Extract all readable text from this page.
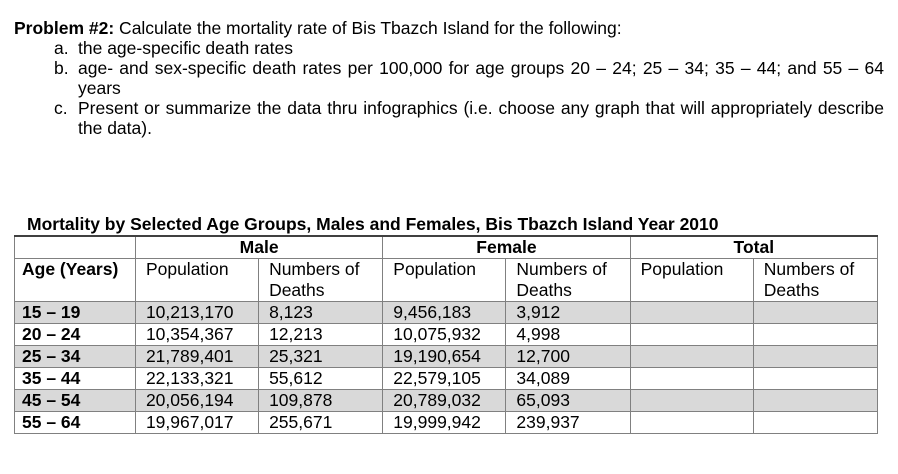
Problem #2: Calculate the mortality rate of Bis Tbazch Island for the following:
a. the age-specific death rates
b. age- and sex-specific death rates per 100,000 for age groups 20 – 24; 25 – 34; 35 – 44; and 55 – 64 years
c. Present or summarize the data thru infographics (i.e. choose any graph that will appropriately describe the data).
Mortality by Selected Age Groups, Males and Females, Bis Tbazch Island Year 2010
	Male		Female		Total	
Age (Years)	Population	Numbers of Deaths	Population	Numbers of Deaths	Population	Numbers of Deaths
15 – 19	10,213,170	8,123	9,456,183	3,912		
20 – 24	10,354,367	12,213	10,075,932	4,998		
25 – 34	21,789,401	25,321	19,190,654	12,700		
35 – 44	22,133,321	55,612	22,579,105	34,089		
45 – 54	20,056,194	109,878	20,789,032	65,093		
55 – 64	19,967,017	255,671	19,999,942	239,937		
